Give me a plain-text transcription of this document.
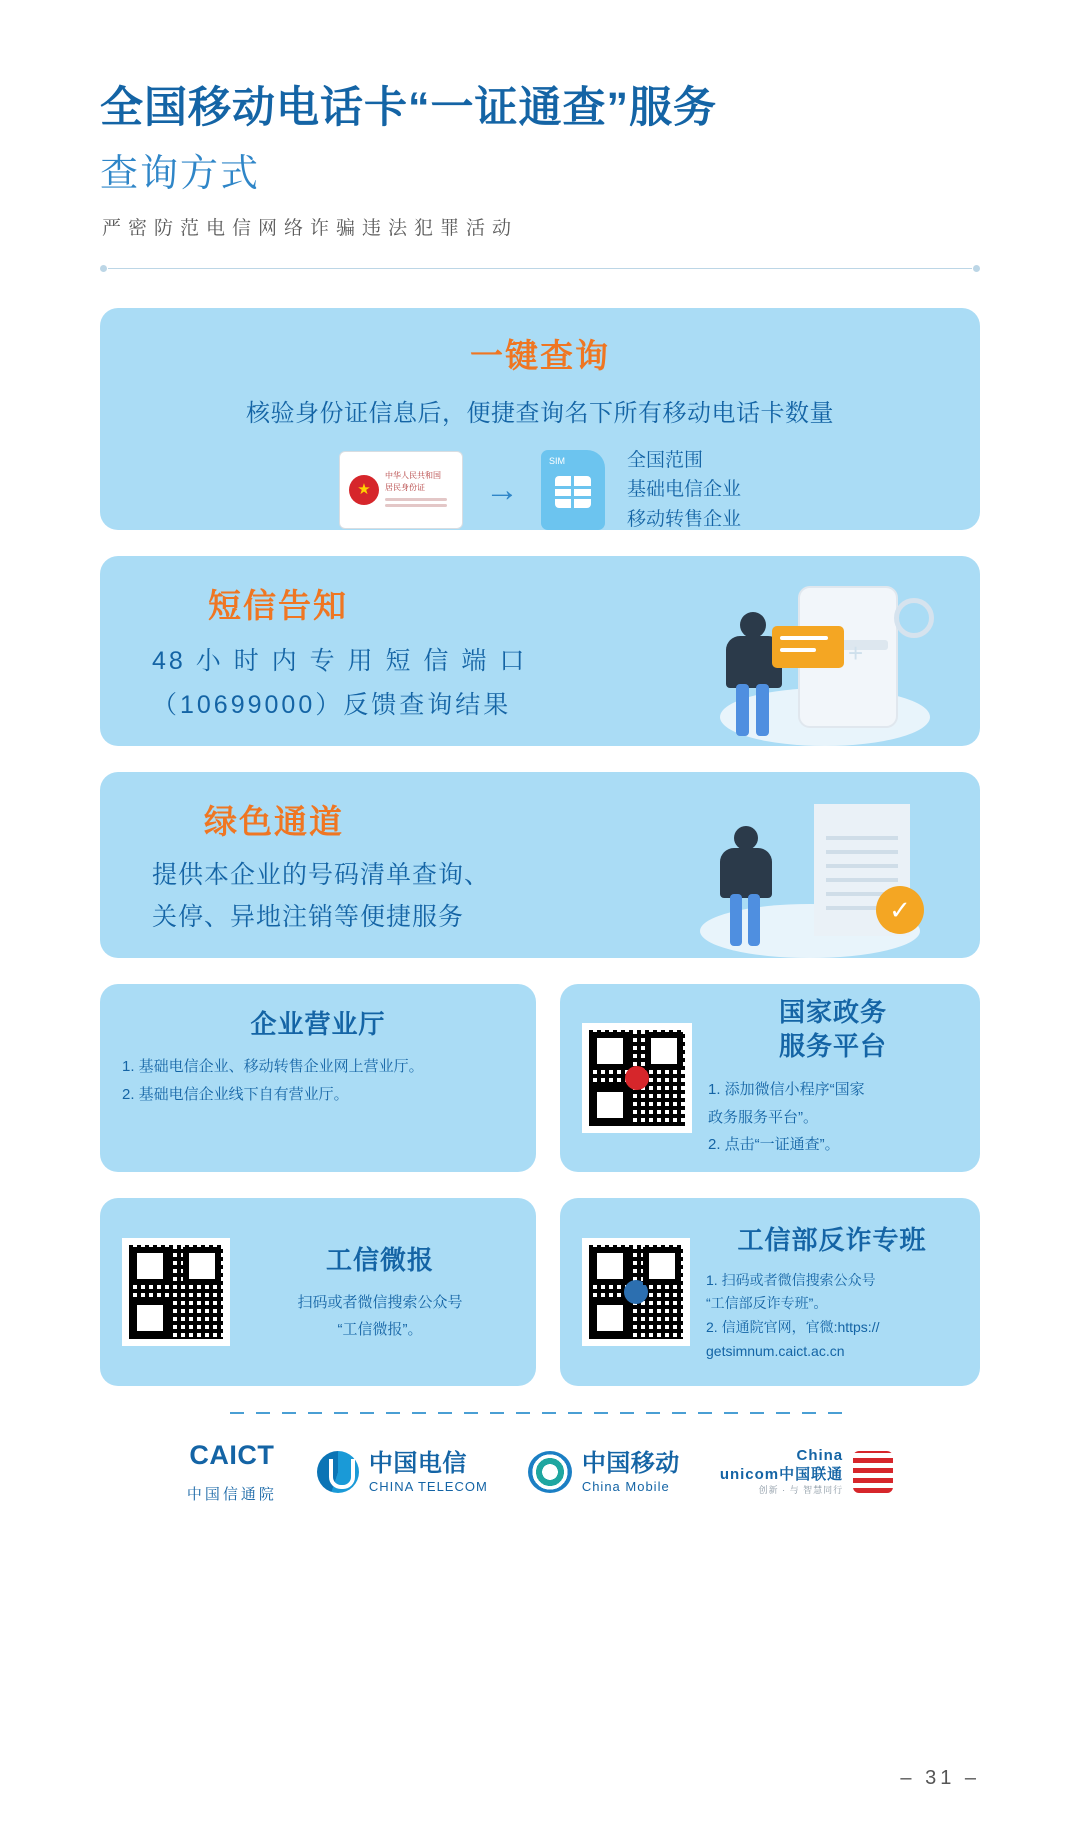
全国移动电话卡“一证通查”服务
查询方式
严密防范电信网络诈骗违法犯罪活动
一键查询
核验身份证信息后，便捷查询名下所有移动电话卡数量
★
中华人民共和国
居民身份证	→
SIM	全国范围
基础电信企业
移动转售企业
短信告知
48 小 时 内 专 用 短 信 端 口
（10699000）反馈查询结果
+
绿色通道
提供本企业的号码清单查询、
关停、异地注销等便捷服务	✓
企业营业厅
1. 基础电信企业、移动转售企业网上营业厅。
2. 基础电信企业线下自有营业厅。
国家政务
服务平台
1. 添加微信小程序“国家
政务服务平台”。
2. 点击“一证通查”。
工信微报
扫码或者微信搜索公众号
“工信微报”。
工信部反诈专班
1. 扫码或者微信搜索公众号
“工信部反诈专班”。
2. 信通院官网，官微:https://
getsimnum.caict.ac.cn
CAICT
中国信通院
中国电信
CHINA TELECOM
中国移动
China Mobile
China
unicom中国联通
创新 · 与 智慧同行
– 31 –
